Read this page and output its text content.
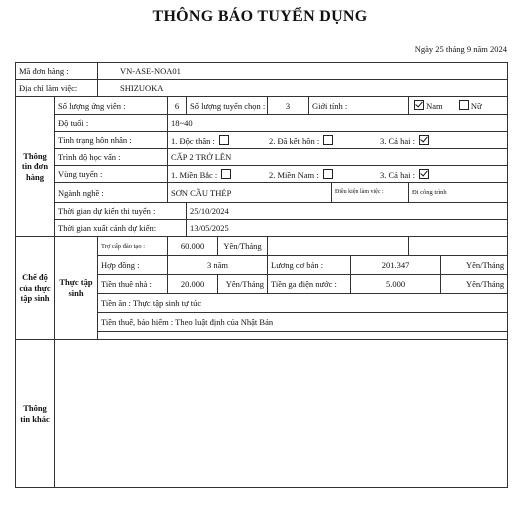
THÔNG BÁO TUYỂN DỤNG
Ngày 25 tháng 9 năm 2024
Mã đơn hàng :		VN-ASE-NOA01									
Địa chỉ làm việc:		SHIZUOKA									
Thông tin đơn hàng	Số lượng ứng viên :		6	Số lượng tuyển chọn :		3	Giới tính :			Nam Nữ	
	Độ tuổi :		18~40								
	Tình trạng hôn nhân :		1. Độc thân : 2. Đã kết hôn : 3. Cả hai :								
	Trình độ học vấn :		CẤP 2 TRỞ LÊN								
	Vùng tuyển :		1. Miền Bắc : 2. Miền Nam : 3. Cả hai :								
	Ngành nghề :		SƠN CẦU THÉP					Điều kiện làm việc :		Đi công trình	
	Thời gian dự kiến thi tuyển :			25/10/2024							
	Thời gian xuất cảnh dự kiến:			13/05/2025							
Chế độ của thực tập sinh	Thực tập sinh	Trợ cấp đào tạo :	60.000		Yên/Tháng						
		Hợp đồng :	3 năm			Lương cơ bản :			201.347		Yên/Tháng
		Tiền thuê nhà :	20.000		Yên/Tháng	Tiền ga điện nước :			5.000		Yên/Tháng
		Tiền ăn : Thực tập sinh tự túc									
		Tiền thuế, bảo hiểm : Theo luật định của Nhật Bản									

Thông tin khác											
